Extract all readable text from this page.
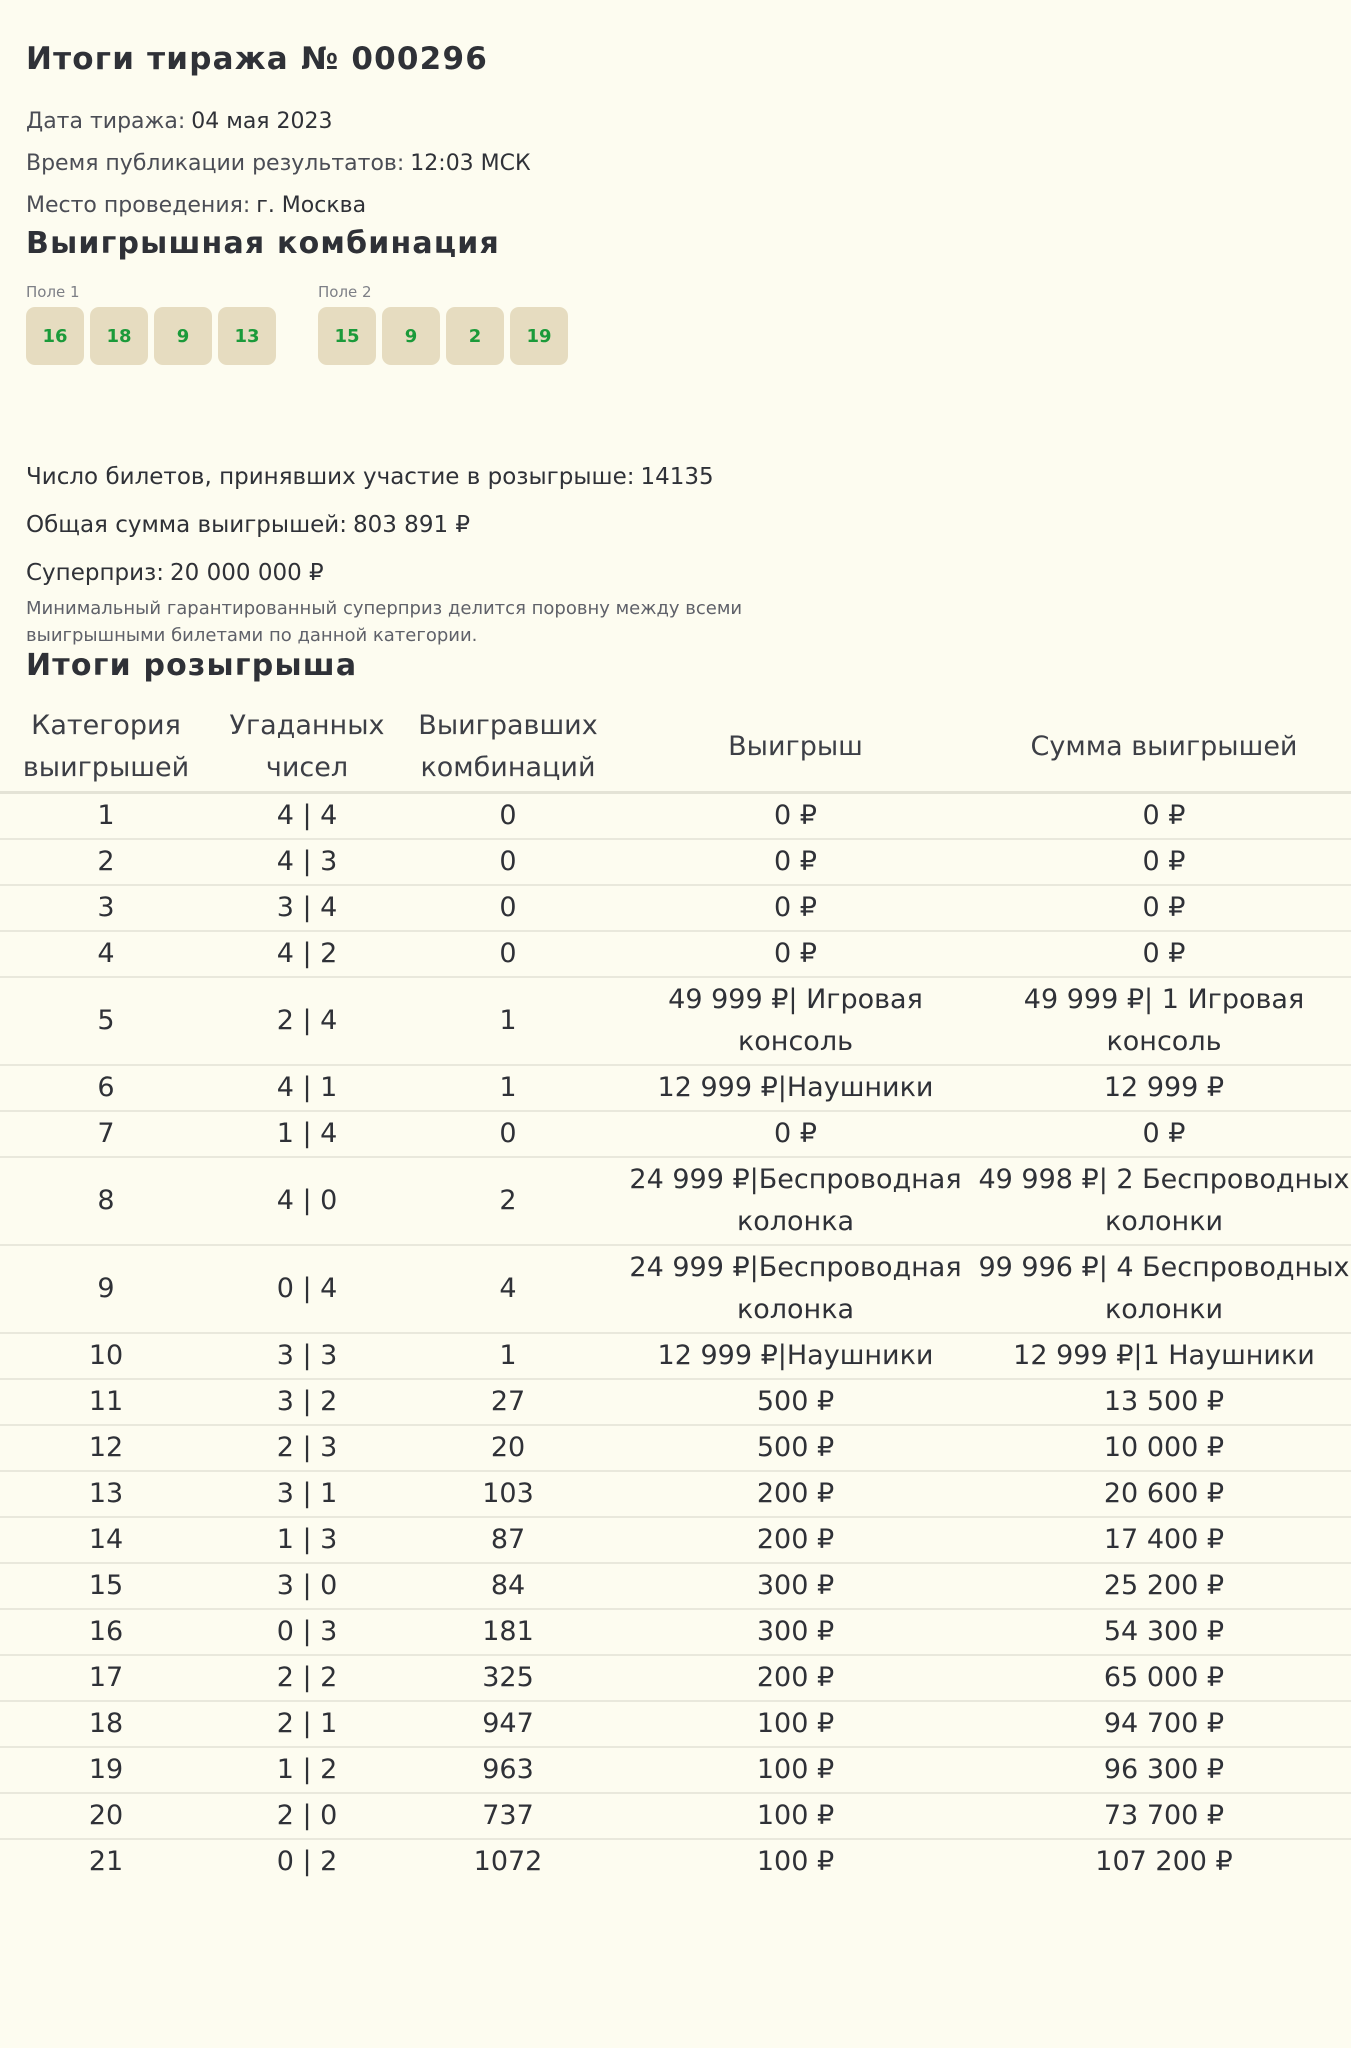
Итоги тиража № 000296
Дата тиража: 04 мая 2023
Время публикации результатов: 12:03 МСК
Место проведения: г. Москва
Выигрышная комбинация
Поле 1
16	18	9	13
Поле 2
15	9	2	19
Число билетов, принявших участие в розыгрыше: 14135
Общая сумма выигрышей: 803 891 ₽
Суперприз: 20 000 000 ₽
Минимальный гарантированный суперприз делится поровну между всеми выигрышными билетами по данной категории.
Итоги розыгрыша
Категория выигрышей	Угаданных чисел	Выигравших комбинаций	Выигрыш	Сумма выигрышей
1	4 | 4	0	0 ₽	0 ₽
2	4 | 3	0	0 ₽	0 ₽
3	3 | 4	0	0 ₽	0 ₽
4	4 | 2	0	0 ₽	0 ₽
5	2 | 4	1	49 999 ₽| Игровая консоль	49 999 ₽| 1 Игровая консоль
6	4 | 1	1	12 999 ₽|Наушники	12 999 ₽
7	1 | 4	0	0 ₽	0 ₽
8	4 | 0	2	24 999 ₽|Беспроводная колонка	49 998 ₽| 2 Беспроводных колонки
9	0 | 4	4	24 999 ₽|Беспроводная колонка	99 996 ₽| 4 Беспроводных колонки
10	3 | 3	1	12 999 ₽|Наушники	12 999 ₽|1 Наушники
11	3 | 2	27	500 ₽	13 500 ₽
12	2 | 3	20	500 ₽	10 000 ₽
13	3 | 1	103	200 ₽	20 600 ₽
14	1 | 3	87	200 ₽	17 400 ₽
15	3 | 0	84	300 ₽	25 200 ₽
16	0 | 3	181	300 ₽	54 300 ₽
17	2 | 2	325	200 ₽	65 000 ₽
18	2 | 1	947	100 ₽	94 700 ₽
19	1 | 2	963	100 ₽	96 300 ₽
20	2 | 0	737	100 ₽	73 700 ₽
21	0 | 2	1072	100 ₽	107 200 ₽
